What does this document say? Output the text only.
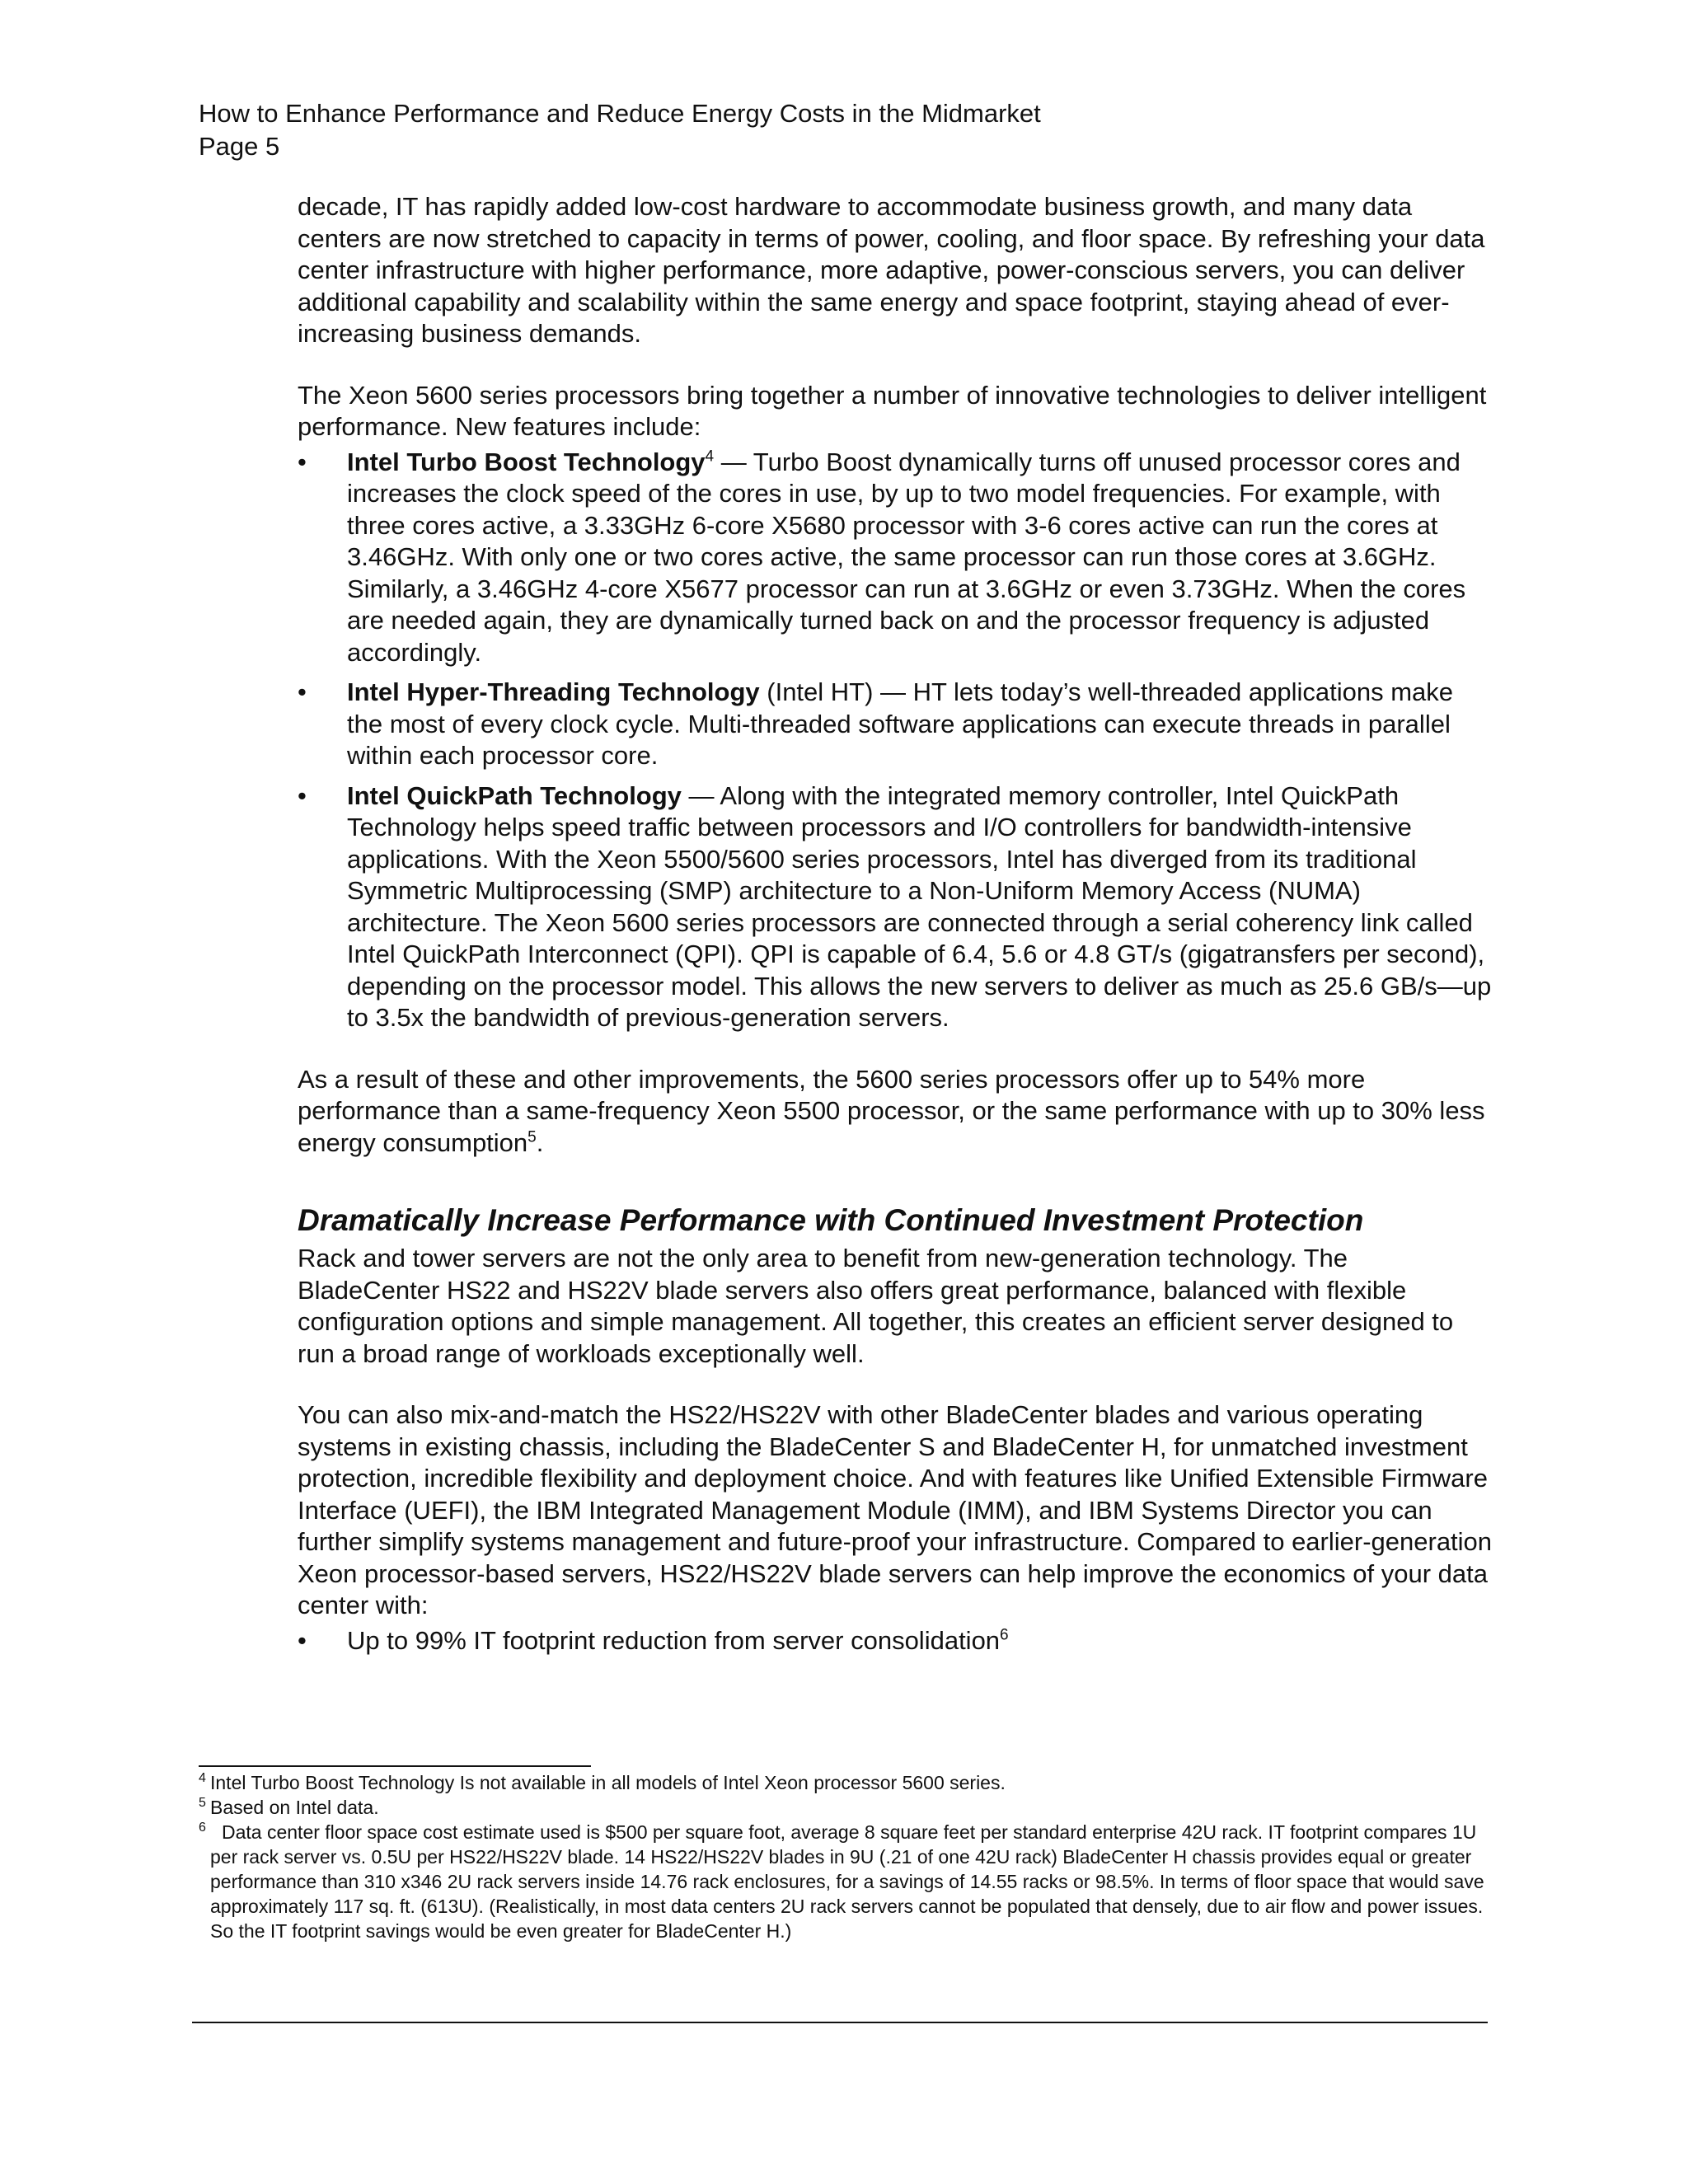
How to Enhance Performance and Reduce Energy Costs in the Midmarket
Page 5

decade, IT has rapidly added low-cost hardware to accommodate business growth, and many data centers are now stretched to capacity in terms of power, cooling, and floor space. By refreshing your data center infrastructure with higher performance, more adaptive, power-conscious servers, you can deliver additional capability and scalability within the same energy and space footprint, staying ahead of ever-increasing business demands.

The Xeon 5600 series processors bring together a number of innovative technologies to deliver intelligent performance. New features include:

• Intel Turbo Boost Technology$^4$ — Turbo Boost dynamically turns off unused processor cores and increases the clock speed of the cores in use, by up to two model frequencies. For example, with three cores active, a 3.33GHz 6-core X5680 processor with 3-6 cores active can run the cores at 3.46GHz. With only one or two cores active, the same processor can run those cores at 3.6GHz. Similarly, a 3.46GHz 4-core X5677 processor can run at 3.6GHz or even 3.73GHz. When the cores are needed again, they are dynamically turned back on and the processor frequency is adjusted accordingly.
• Intel Hyper-Threading Technology (Intel HT) — HT lets today’s well-threaded applications make the most of every clock cycle. Multi-threaded software applications can execute threads in parallel within each processor core.
• Intel QuickPath Technology — Along with the integrated memory controller, Intel QuickPath Technology helps speed traffic between processors and I/O controllers for bandwidth-intensive applications. With the Xeon 5500/5600 series processors, Intel has diverged from its traditional Symmetric Multiprocessing (SMP) architecture to a Non-Uniform Memory Access (NUMA) architecture. The Xeon 5600 series processors are connected through a serial coherency link called Intel QuickPath Interconnect (QPI). QPI is capable of 6.4, 5.6 or 4.8 GT/s (gigatransfers per second), depending on the processor model. This allows the new servers to deliver as much as 25.6 GB/s—up to 3.5x the bandwidth of previous-generation servers.

As a result of these and other improvements, the 5600 series processors offer up to 54% more performance than a same-frequency Xeon 5500 processor, or the same performance with up to 30% less energy consumption$^5$.

Dramatically Increase Performance with Continued Investment Protection

Rack and tower servers are not the only area to benefit from new-generation technology. The BladeCenter HS22 and HS22V blade servers also offers great performance, balanced with flexible configuration options and simple management. All together, this creates an efficient server designed to run a broad range of workloads exceptionally well.

You can also mix-and-match the HS22/HS22V with other BladeCenter blades and various operating systems in existing chassis, including the BladeCenter S and BladeCenter H, for unmatched investment protection, incredible flexibility and deployment choice. And with features like Unified Extensible Firmware Interface (UEFI), the IBM Integrated Management Module (IMM), and IBM Systems Director you can further simplify systems management and future-proof your infrastructure. Compared to earlier-generation Xeon processor-based servers, HS22/HS22V blade servers can help improve the economics of your data center with:

• Up to 99% IT footprint reduction from server consolidation$^6$
4 Intel Turbo Boost Technology Is not available in all models of Intel Xeon processor 5600 series.
5 Based on Intel data.
6 Data center floor space cost estimate used is $500 per square foot, average 8 square feet per standard enterprise 42U rack. IT footprint compares 1U per rack server vs. 0.5U per HS22/HS22V blade. 14 HS22/HS22V blades in 9U (.21 of one 42U rack) BladeCenter H chassis provides equal or greater performance than 310 x346 2U rack servers inside 14.76 rack enclosures, for a savings of 14.55 racks or 98.5%. In terms of floor space that would save approximately 117 sq. ft. (613U). (Realistically, in most data centers 2U rack servers cannot be populated that densely, due to air flow and power issues. So the IT footprint savings would be even greater for BladeCenter H.)
